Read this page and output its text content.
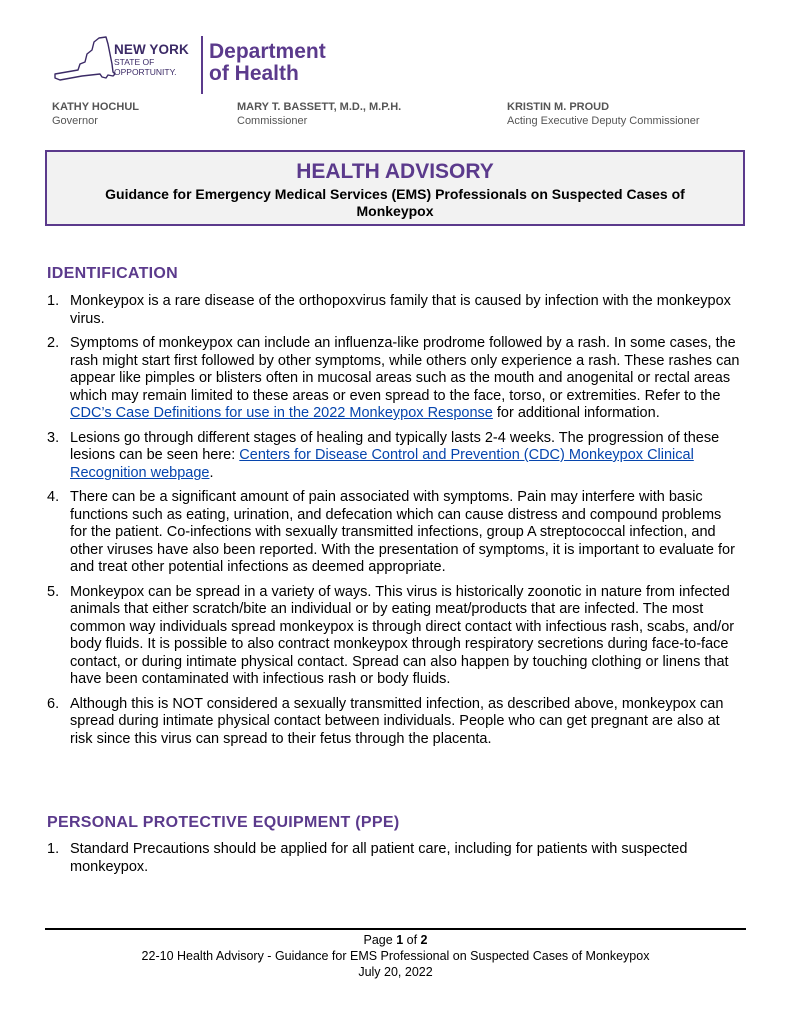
NEW YORK
STATE OF
OPPORTUNITY.
Department
of Health
KATHY HOCHUL
Governor
MARY T. BASSETT, M.D., M.P.H.
Commissioner
KRISTIN M. PROUD
Acting Executive Deputy Commissioner
HEALTH ADVISORY
Guidance for Emergency Medical Services (EMS) Professionals on Suspected Cases of Monkeypox
IDENTIFICATION
1. Monkeypox is a rare disease of the orthopoxvirus family that is caused by infection with the monkeypox virus.
2. Symptoms of monkeypox can include an influenza-like prodrome followed by a rash. In some cases, the rash might start first followed by other symptoms, while others only experience a rash. These rashes can appear like pimples or blisters often in mucosal areas such as the mouth and anogenital or rectal areas which may remain limited to these areas or even spread to the face, torso, or extremities. Refer to the CDC’s Case Definitions for use in the 2022 Monkeypox Response for additional information.
3. Lesions go through different stages of healing and typically lasts 2-4 weeks. The progression of these lesions can be seen here: Centers for Disease Control and Prevention (CDC) Monkeypox Clinical Recognition webpage.
4. There can be a significant amount of pain associated with symptoms. Pain may interfere with basic functions such as eating, urination, and defecation which can cause distress and compound problems for the patient. Co-infections with sexually transmitted infections, group A streptococcal infection, and other viruses have also been reported. With the presentation of symptoms, it is important to evaluate for and treat other potential infections as deemed appropriate.
5. Monkeypox can be spread in a variety of ways. This virus is historically zoonotic in nature from infected animals that either scratch/bite an individual or by eating meat/products that are infected. The most common way individuals spread monkeypox is through direct contact with infectious rash, scabs, and/or body fluids. It is possible to also contract monkeypox through respiratory secretions during face-to-face contact, or during intimate physical contact. Spread can also happen by touching clothing or linens that have been contaminated with infectious rash or body fluids.
6. Although this is NOT considered a sexually transmitted infection, as described above, monkeypox can spread during intimate physical contact between individuals. People who can get pregnant are also at risk since this virus can spread to their fetus through the placenta.
PERSONAL PROTECTIVE EQUIPMENT (PPE)
1. Standard Precautions should be applied for all patient care, including for patients with suspected monkeypox.
Page 1 of 2
22-10 Health Advisory - Guidance for EMS Professional on Suspected Cases of Monkeypox
July 20, 2022
